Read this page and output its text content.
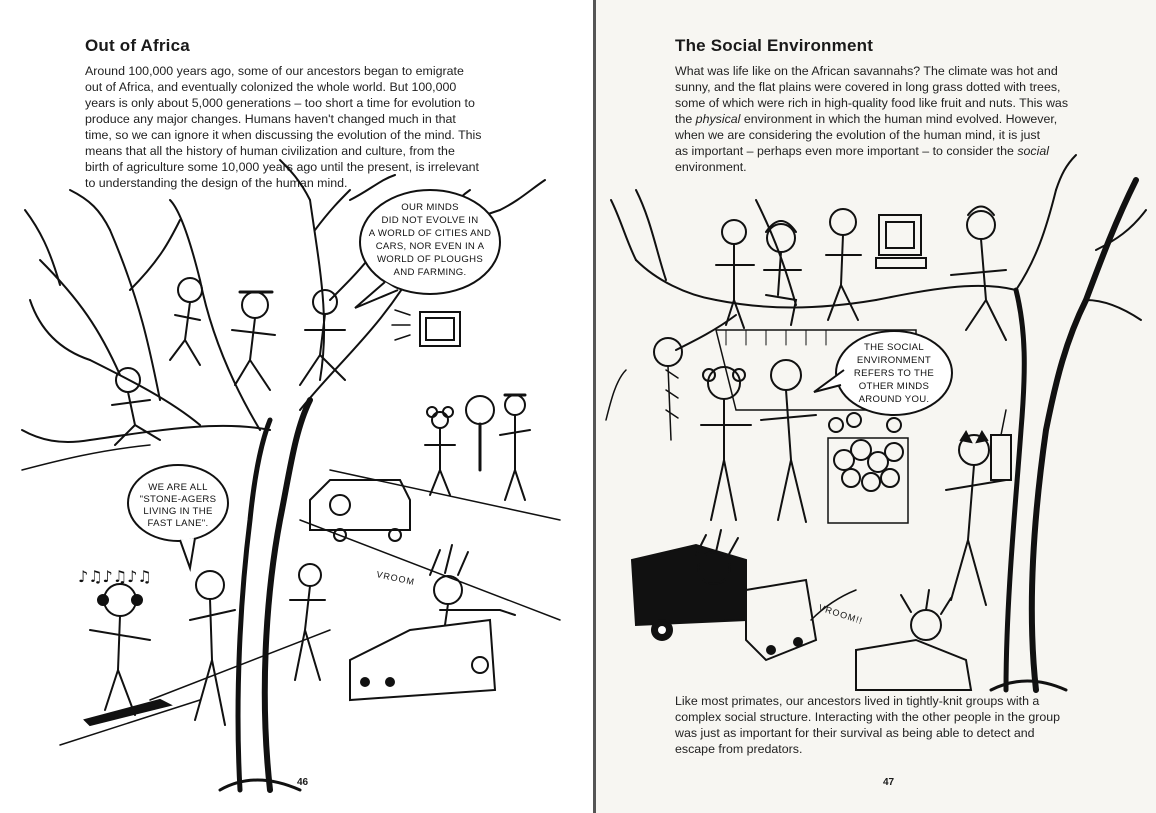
Out of Africa
Around 100,000 years ago, some of our ancestors began to emigrate
out of Africa, and eventually colonized the whole world. But 100,000
years is only about 5,000 generations – too short a time for evolution to
produce any major changes. Humans haven't changed much in that
time, so we can ignore it when discussing the evolution of the mind. This
means that all the history of human civilization and culture, from the
birth of agriculture some 10,000 years ago until the present, is irrelevant
to understanding the design of the human mind.
♪♫♪♫♪♫
OUR MINDS
DID NOT EVOLVE IN
A WORLD OF CITIES AND
CARS, NOR EVEN IN A
WORLD OF PLOUGHS
AND FARMING.
WE ARE ALL
"STONE-AGERS
LIVING IN THE
FAST LANE".
VROOM
46
The Social Environment
What was life like on the African savannahs? The climate was hot and
sunny, and the flat plains were covered in long grass dotted with trees,
some of which were rich in high-quality food like fruit and nuts. This was
the physical environment in which the human mind evolved. However,
when we are considering the evolution of the human mind, it is just
as important – perhaps even more important – to consider the social
environment.
THE SOCIAL
ENVIRONMENT
REFERS TO THE
OTHER MINDS
AROUND YOU.
VROOM!!
Like most primates, our ancestors lived in tightly-knit groups with a
complex social structure. Interacting with the other people in the group
was just as important for their survival as being able to detect and
escape from predators.
47
